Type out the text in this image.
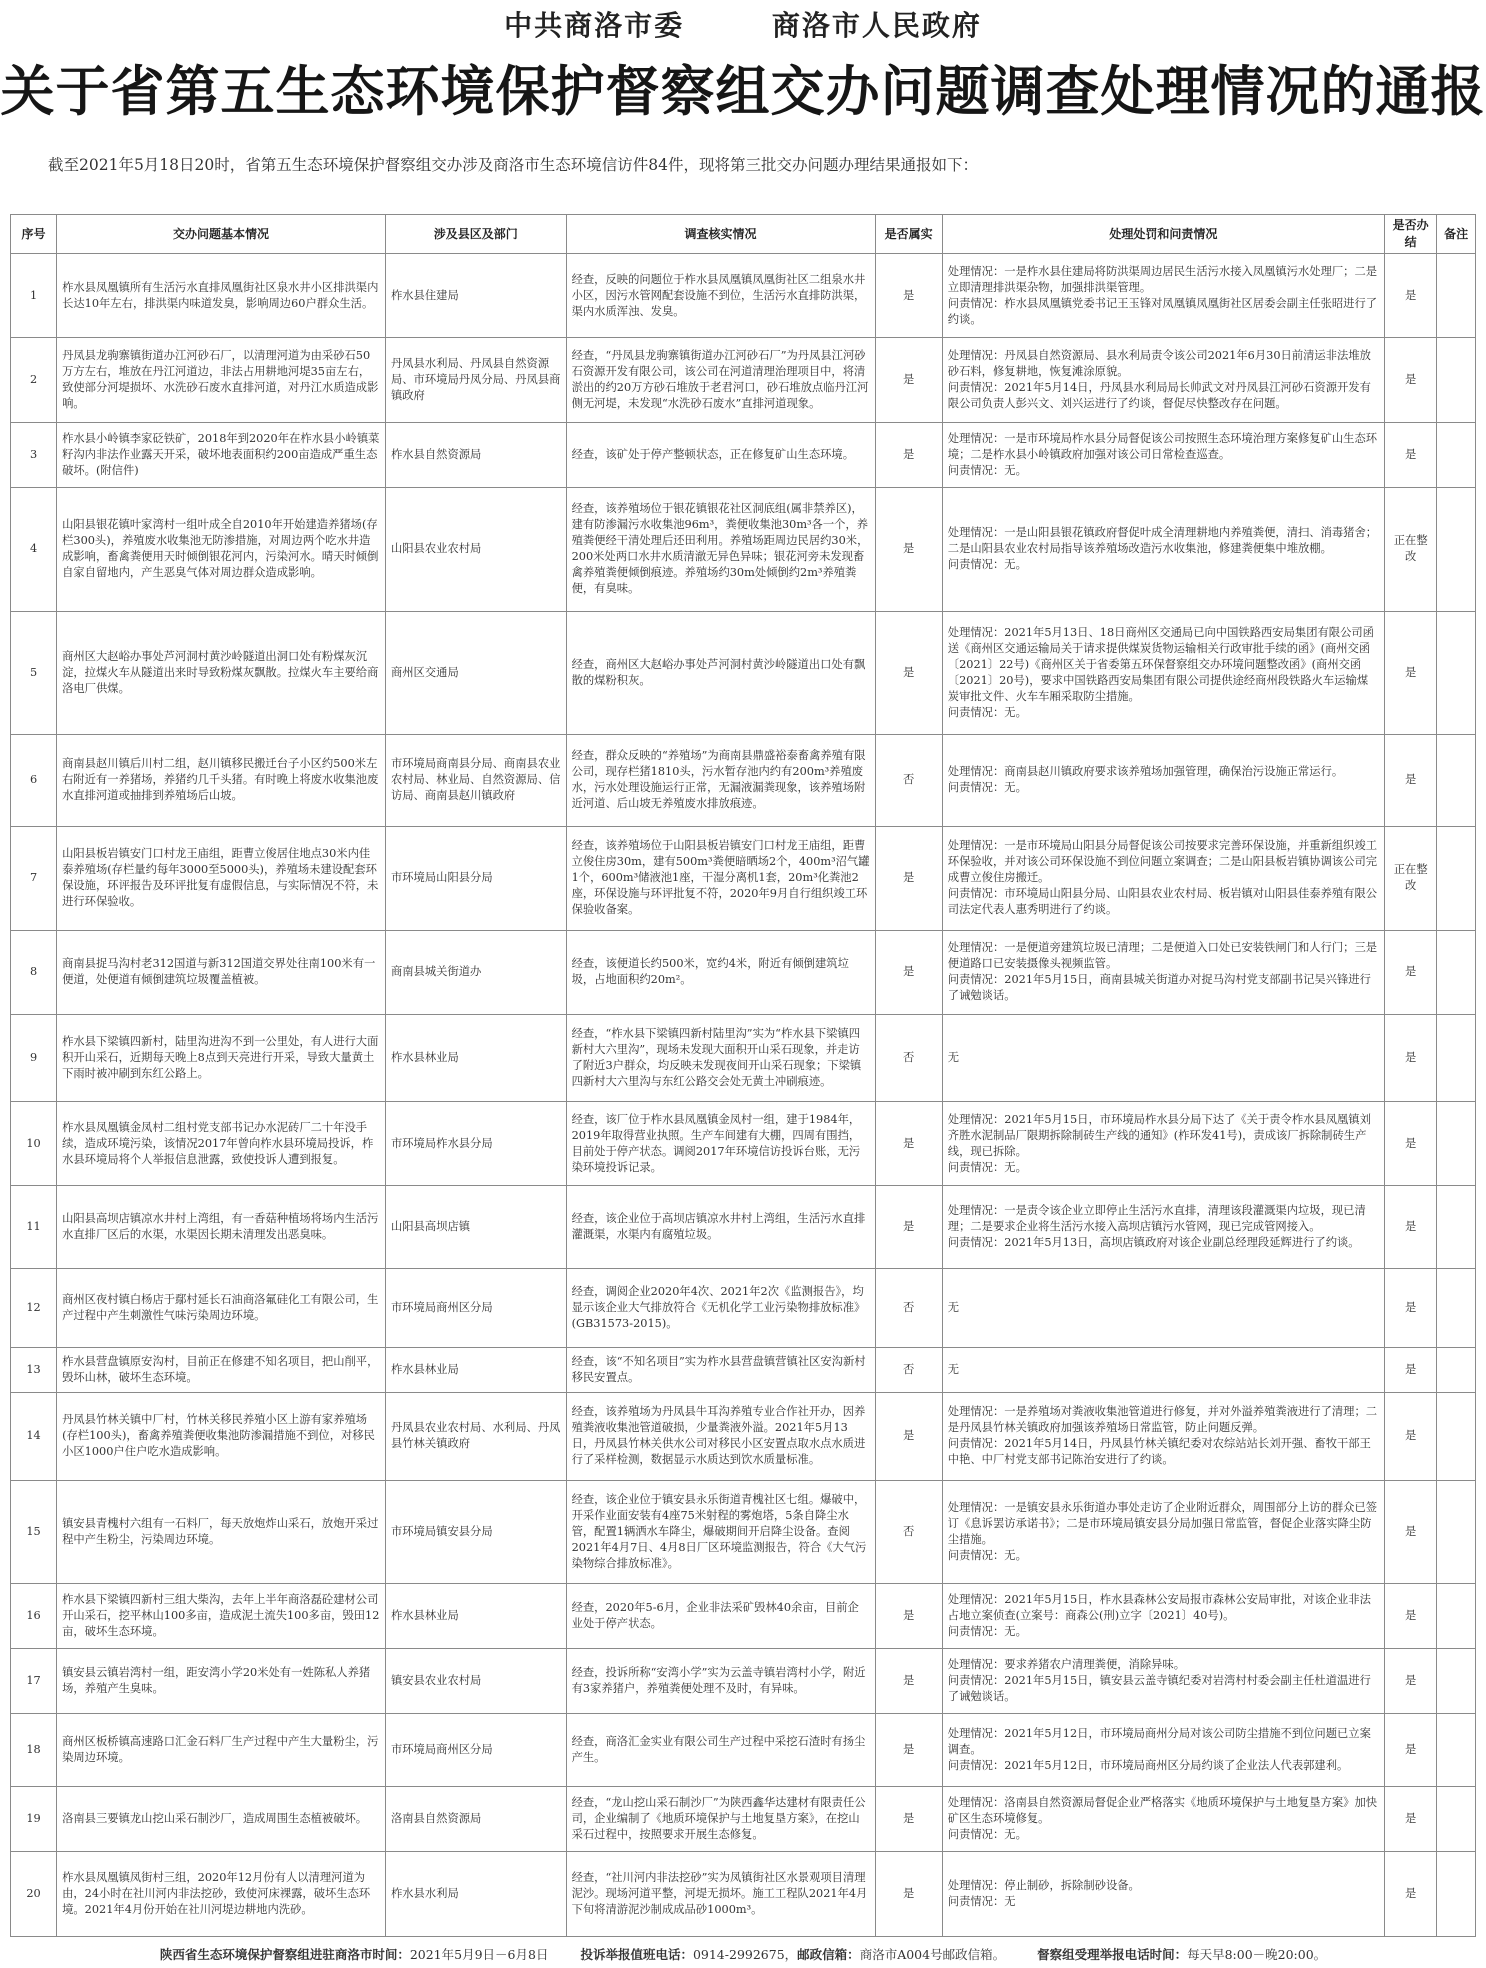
中共商洛市委	商洛市人民政府
关于省第五生态环境保护督察组交办问题调查处理情况的通报
截至2021年5月18日20时，省第五生态环境保护督察组交办涉及商洛市生态环境信访件84件，现将第三批交办问题办理结果通报如下：
序号	交办问题基本情况	涉及县区及部门	调查核实情况	是否属实	处理处罚和问责情况	是否办结	备注
1	柞水县凤凰镇所有生活污水直排凤凰街社区泉水井小区排洪渠内长达10年左右，排洪渠内味道发臭，影响周边60户群众生活。	柞水县住建局	经查，反映的问题位于柞水县凤凰镇凤凰街社区二组泉水井小区，因污水管网配套设施不到位，生活污水直排防洪渠，渠内水质浑浊、发臭。	是	处理情况：一是柞水县住建局将防洪渠周边居民生活污水接入凤凰镇污水处理厂；二是立即清理排洪渠杂物，加强排洪渠管理。
问责情况：柞水县凤凰镇党委书记王玉锋对凤凰镇凤凰街社区居委会副主任张昭进行了约谈。	是	
2	丹凤县龙驹寨镇街道办江河砂石厂，以清理河道为由采砂石50万方左右，堆放在丹江河道边，非法占用耕地河堤35亩左右，致使部分河堤损坏、水洗砂石废水直排河道，对丹江水质造成影响。	丹凤县水利局、丹凤县自然资源局、市环境局丹凤分局、丹凤县商镇政府	经查，“丹凤县龙驹寨镇街道办江河砂石厂”为丹凤县江河砂石资源开发有限公司，该公司在河道清理治理项目中，将清淤出的约20万方砂石堆放于老君河口，砂石堆放点临丹江河侧无河堤，未发现“水洗砂石废水”直排河道现象。	是	处理情况：丹凤县自然资源局、县水利局责令该公司2021年6月30日前清运非法堆放砂石料，修复耕地，恢复滩涂原貌。
问责情况：2021年5月14日，丹凤县水利局局长帅武文对丹凤县江河砂石资源开发有限公司负责人彭兴文、刘兴运进行了约谈，督促尽快整改存在问题。	是	
3	柞水县小岭镇李家砭铁矿，2018年到2020年在柞水县小岭镇菜籽沟内非法作业露天开采，破坏地表面积约200亩造成严重生态破坏。(附信件)	柞水县自然资源局	经查，该矿处于停产整顿状态，正在修复矿山生态环境。	是	处理情况：一是市环境局柞水县分局督促该公司按照生态环境治理方案修复矿山生态环境；二是柞水县小岭镇政府加强对该公司日常检查巡查。
问责情况：无。	是	
4	山阳县银花镇叶家湾村一组叶成全自2010年开始建造养猪场(存栏300头)，养殖废水收集池无防渗措施，对周边两个吃水井造成影响，畜禽粪便用天时倾倒银花河内，污染河水。晴天时倾倒自家自留地内，产生恶臭气体对周边群众造成影响。	山阳县农业农村局	经查，该养殖场位于银花镇银花社区洞底组(属非禁养区)，建有防渗漏污水收集池96m³，粪便收集池30m³各一个，养殖粪便经干清处理后还田利用。养殖场距周边民居约30米，200米处两口水井水质清澈无异色异味；银花河旁未发现畜禽养殖粪便倾倒痕迹。养殖场约30m处倾倒约2m³养殖粪便，有臭味。	是	处理情况：一是山阳县银花镇政府督促叶成全清理耕地内养殖粪便，清扫、消毒猪舍；二是山阳县农业农村局指导该养殖场改造污水收集池，修建粪便集中堆放棚。
问责情况：无。	正在整改	
5	商州区大赵峪办事处芦河洞村黄沙岭隧道出洞口处有粉煤灰沉淀，拉煤火车从隧道出来时导致粉煤灰飘散。拉煤火车主要给商洛电厂供煤。	商州区交通局	经查，商州区大赵峪办事处芦河洞村黄沙岭隧道出口处有飘散的煤粉积灰。	是	处理情况：2021年5月13日、18日商州区交通局已向中国铁路西安局集团有限公司函送《商州区交通运输局关于请求提供煤炭货物运输相关行政审批手续的函》(商州交函〔2021〕22号)《商州区关于省委第五环保督察组交办环境问题整改函》(商州交函〔2021〕20号)，要求中国铁路西安局集团有限公司提供途经商州段铁路火车运输煤炭审批文件、火车车厢采取防尘措施。
问责情况：无。	是	
6	商南县赵川镇后川村二组，赵川镇移民搬迁台子小区约500米左右附近有一养猪场，养猪约几千头猪。有时晚上将废水收集池废水直排河道或抽排到养殖场后山坡。	市环境局商南县分局、商南县农业农村局、林业局、自然资源局、信访局、商南县赵川镇政府	经查，群众反映的“养殖场”为商南县鼎盛裕泰畜禽养殖有限公司，现存栏猪1810头，污水暂存池内约有200m³养殖废水，污水处理设施运行正常，无漏液漏粪现象，该养殖场附近河道、后山坡无养殖废水排放痕迹。	否	处理情况：商南县赵川镇政府要求该养殖场加强管理，确保治污设施正常运行。
问责情况：无。	是	
7	山阳县板岩镇安门口村龙王庙组，距曹立俊居住地点30米内佳泰养殖场(存栏量约每年3000至5000头)，养殖场未建设配套环保设施，环评报告及环评批复有虚假信息，与实际情况不符，未进行环保验收。	市环境局山阳县分局	经查，该养殖场位于山阳县板岩镇安门口村龙王庙组，距曹立俊住房30m，建有500m³粪便暗晒场2个，400m³沼气罐1个，600m³储液池1座，干湿分离机1套，20m³化粪池2座，环保设施与环评批复不符，2020年9月自行组织竣工环保验收备案。	是	处理情况：一是市环境局山阳县分局督促该公司按要求完善环保设施，并重新组织竣工环保验收，并对该公司环保设施不到位问题立案调查；二是山阳县板岩镇协调该公司完成曹立俊住房搬迁。
问责情况：市环境局山阳县分局、山阳县农业农村局、板岩镇对山阳县佳泰养殖有限公司法定代表人惠秀明进行了约谈。	正在整改	
8	商南县捉马沟村老312国道与新312国道交界处往南100米有一便道，处便道有倾倒建筑垃圾覆盖植被。	商南县城关街道办	经查，该便道长约500米，宽约4米，附近有倾倒建筑垃圾，占地面积约20m²。	是	处理情况：一是便道旁建筑垃圾已清理；二是便道入口处已安装铁闸门和人行门；三是便道路口已安装摄像头视频监管。
问责情况：2021年5月15日，商南县城关街道办对捉马沟村党支部副书记吴兴锋进行了诫勉谈话。	是	
9	柞水县下梁镇四新村，陆里沟进沟不到一公里处，有人进行大面积开山采石，近期每天晚上8点到天亮进行开采，导致大量黄土下雨时被冲刷到东红公路上。	柞水县林业局	经查，“柞水县下梁镇四新村陆里沟”实为“柞水县下梁镇四新村大六里沟”，现场未发现大面积开山采石现象，并走访了附近3户群众，均反映未发现夜间开山采石现象；下梁镇四新村大六里沟与东红公路交会处无黄土冲刷痕迹。	否	无	是	
10	柞水县凤凰镇金凤村二组村党支部书记办水泥砖厂二十年没手续，造成环境污染，该情况2017年曾向柞水县环境局投诉，柞水县环境局将个人举报信息泄露，致使投诉人遭到报复。	市环境局柞水县分局	经查，该厂位于柞水县凤凰镇金凤村一组，建于1984年，2019年取得营业执照。生产车间建有大棚，四周有围挡，目前处于停产状态。调阅2017年环境信访投诉台账，无污染环境投诉记录。	是	处理情况：2021年5月15日，市环境局柞水县分局下达了《关于责令柞水县凤凰镇刘齐胜水泥制品厂限期拆除制砖生产线的通知》(柞环发41号)，责成该厂拆除制砖生产线，现已拆除。
问责情况：无。	是	
11	山阳县高坝店镇凉水井村上湾组，有一香菇种植场将场内生活污水直排厂区后的水渠，水渠因长期未清理发出恶臭味。	山阳县高坝店镇	经查，该企业位于高坝店镇凉水井村上湾组，生活污水直排灌溉渠，水渠内有腐殖垃圾。	是	处理情况：一是责令该企业立即停止生活污水直排，清理该段灌溉渠内垃圾，现已清理；二是要求企业将生活污水接入高坝店镇污水管网，现已完成管网接入。
问责情况：2021年5月13日，高坝店镇政府对该企业副总经理段延辉进行了约谈。	是	
12	商州区夜村镇白杨店于鄢村延长石油商洛氟硅化工有限公司，生产过程中产生刺激性气味污染周边环境。	市环境局商州区分局	经查，调阅企业2020年4次、2021年2次《监测报告》，均显示该企业大气排放符合《无机化学工业污染物排放标准》(GB31573-2015)。	否	无	是	
13	柞水县营盘镇原安沟村，目前正在修建不知名项目，把山削平，毁坏山林，破坏生态环境。	柞水县林业局	经查，该“不知名项目”实为柞水县营盘镇营镇社区安沟新村移民安置点。	否	无	是	
14	丹凤县竹林关镇中厂村，竹林关移民养殖小区上游有家养殖场(存栏100头)，畜禽养殖粪便收集池防渗漏措施不到位，对移民小区1000户住户吃水造成影响。	丹凤县农业农村局、水利局、丹凤县竹林关镇政府	经查，该养殖场为丹凤县牛耳沟养殖专业合作社开办，因养殖粪液收集池管道破损，少量粪液外溢。2021年5月13日，丹凤县竹林关供水公司对移民小区安置点取水点水质进行了采样检测，数据显示水质达到饮水质量标准。	是	处理情况：一是养殖场对粪液收集池管道进行修复，并对外溢养殖粪液进行了清理；二是丹凤县竹林关镇政府加强该养殖场日常监管，防止问题反弹。
问责情况：2021年5月14日，丹凤县竹林关镇纪委对农综站站长刘开强、畜牧干部王中艳、中厂村党支部书记陈治安进行了约谈。	是	
15	镇安县青槐村六组有一石料厂，每天放炮炸山采石，放炮开采过程中产生粉尘，污染周边环境。	市环境局镇安县分局	经查，该企业位于镇安县永乐街道青槐社区七组。爆破中，开采作业面安装有4座75米射程的雾炮塔，5条自降尘水管，配置1辆洒水车降尘，爆破期间开启降尘设备。查阅2021年4月7日、4月8日厂区环境监测报告，符合《大气污染物综合排放标准》。	否	处理情况：一是镇安县永乐街道办事处走访了企业附近群众，周围部分上访的群众已签订《息诉罢访承诺书》；二是市环境局镇安县分局加强日常监管，督促企业落实降尘防尘措施。
问责情况：无。	是	
16	柞水县下梁镇四新村三组大柴沟，去年上半年商洛磊砼建材公司开山采石，挖平林山100多亩，造成泥土流失100多亩，毁田12亩，破坏生态环境。	柞水县林业局	经查，2020年5-6月，企业非法采矿毁林40余亩，目前企业处于停产状态。	是	处理情况：2021年5月15日，柞水县森林公安局报市森林公安局审批，对该企业非法占地立案侦查(立案号：商森公(刑)立字〔2021〕40号)。
问责情况：无。	是	
17	镇安县云镇岩湾村一组，距安湾小学20米处有一姓陈私人养猪场，养殖产生臭味。	镇安县农业农村局	经查，投诉所称“安湾小学”实为云盖寺镇岩湾村小学，附近有3家养猪户，养殖粪便处理不及时，有异味。	是	处理情况：要求养猪农户清理粪便，消除异味。
问责情况：2021年5月15日，镇安县云盖寺镇纪委对岩湾村村委会副主任杜道温进行了诫勉谈话。	是	
18	商州区板桥镇高速路口汇金石料厂生产过程中产生大量粉尘，污染周边环境。	市环境局商州区分局	经查，商洛汇金实业有限公司生产过程中采挖石渣时有扬尘产生。	是	处理情况：2021年5月12日，市环境局商州分局对该公司防尘措施不到位问题已立案调查。
问责情况：2021年5月12日，市环境局商州区分局约谈了企业法人代表郭建利。	是	
19	洛南县三要镇龙山挖山采石制沙厂，造成周围生态植被破坏。	洛南县自然资源局	经查，“龙山挖山采石制沙厂”为陕西鑫华达建材有限责任公司，企业编制了《地质环境保护与土地复垦方案》，在挖山采石过程中，按照要求开展生态修复。	是	处理情况：洛南县自然资源局督促企业严格落实《地质环境保护与土地复垦方案》加快矿区生态环境修复。
问责情况：无。	是	
20	柞水县凤凰镇凤街村三组，2020年12月份有人以清理河道为由，24小时在社川河内非法挖砂，致使河床裸露，破坏生态环境。2021年4月份开始在社川河堤边耕地内洗砂。	柞水县水利局	经查，“社川河内非法挖砂”实为凤镇街社区水景观项目清理泥沙。现场河道平整，河堤无损坏。施工工程队2021年4月下旬将清游泥沙制成成品砂1000m³。	是	处理情况：停止制砂，拆除制砂设备。
问责情况：无	是	
陕西省生态环境保护督察组进驻商洛市时间：2021年5月9日－6月8日	投诉举报值班电话：0914-2992675，邮政信箱：商洛市A004号邮政信箱。	督察组受理举报电话时间：每天早8:00－晚20:00。
